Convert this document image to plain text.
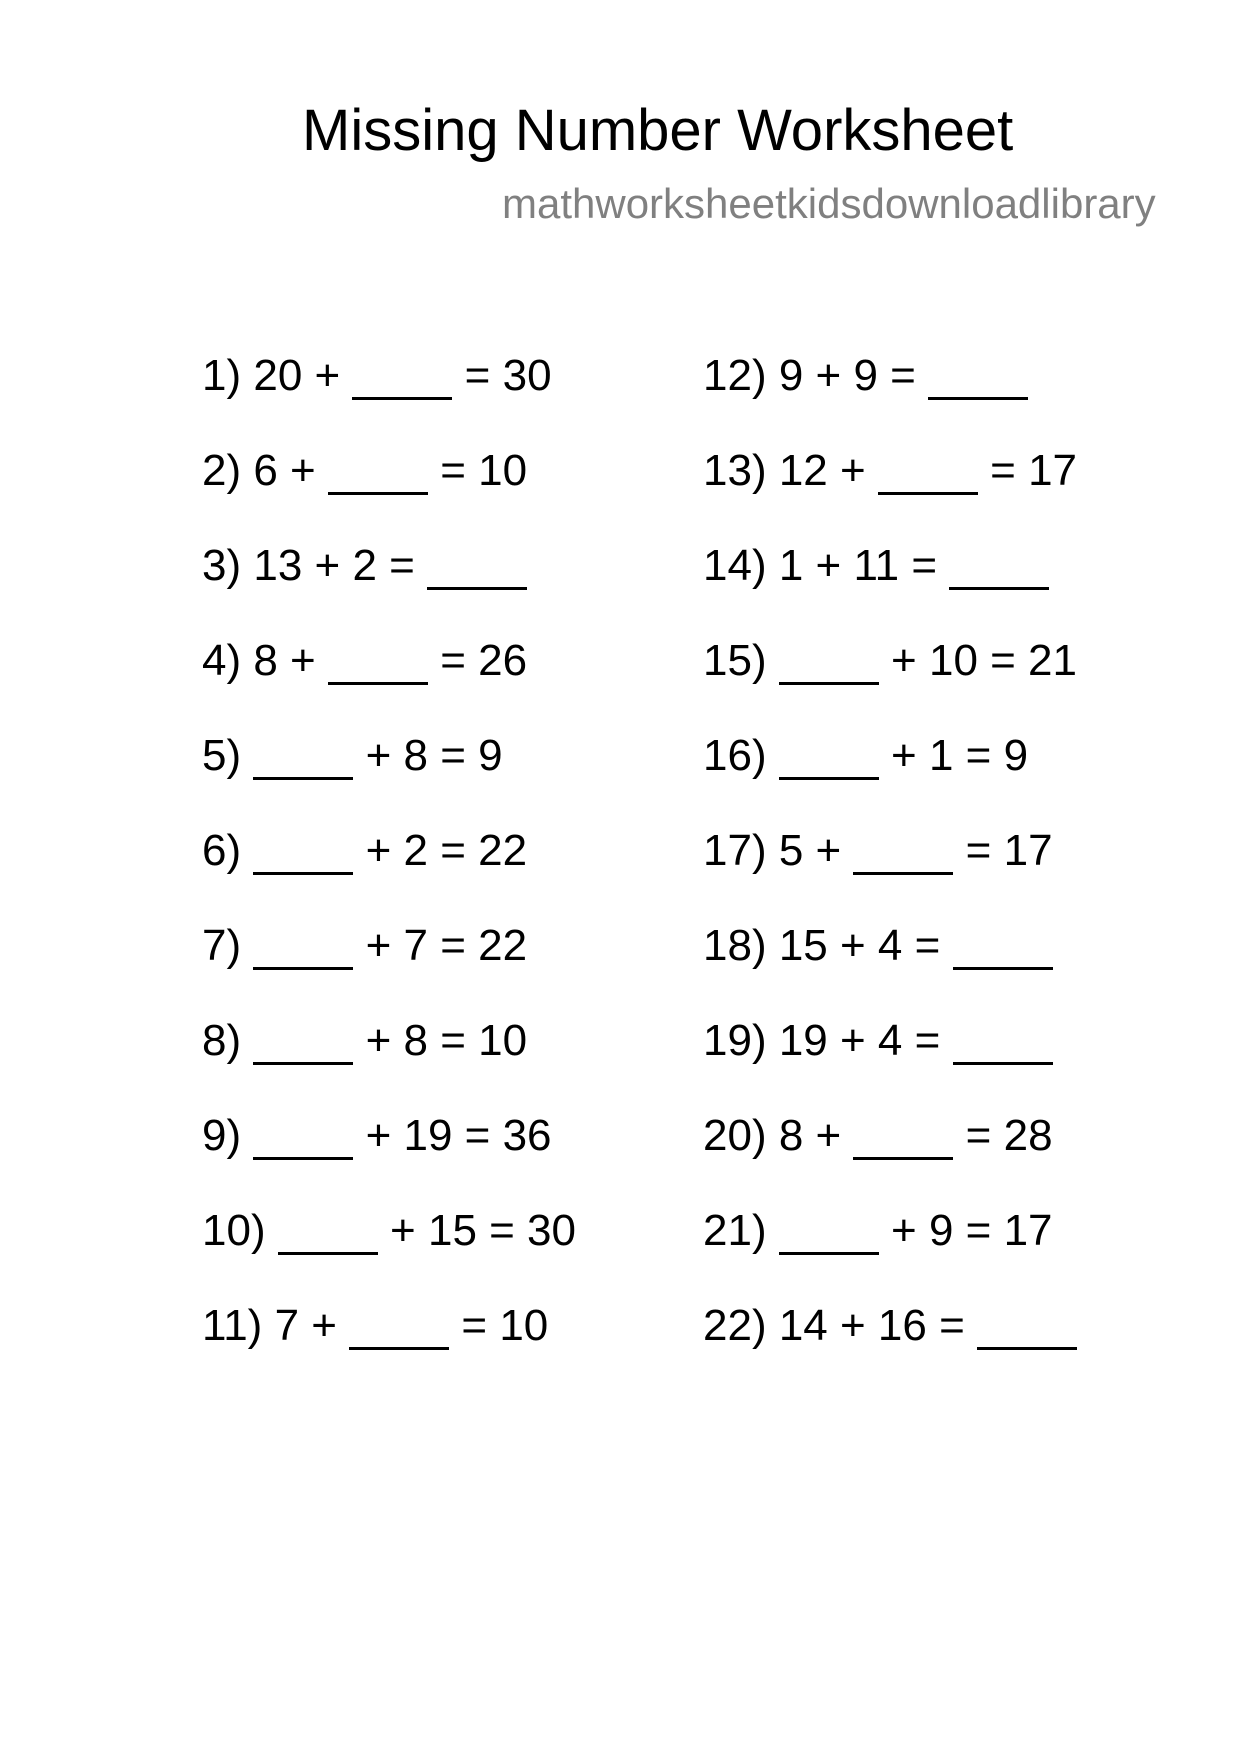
Missing Number Worksheet
mathworksheetkidsdownloadlibrary
1) 20 +  = 30
2) 6 +  = 10
3) 13 + 2 =
4) 8 +  = 26
5)	+ 8 = 9
6)	+ 2 = 22
7)	+ 7 = 22
8)	+ 8 = 10
9)	+ 19 = 36
10)	+ 15 = 30
11) 7 +  = 10
12) 9 + 9 =
13) 12 +  = 17
14) 1 + 11 =
15)	+ 10 = 21
16)	+ 1 = 9
17) 5 +  = 17
18) 15 + 4 =
19) 19 + 4 =
20) 8 +  = 28
21)	+ 9 = 17
22) 14 + 16 =
